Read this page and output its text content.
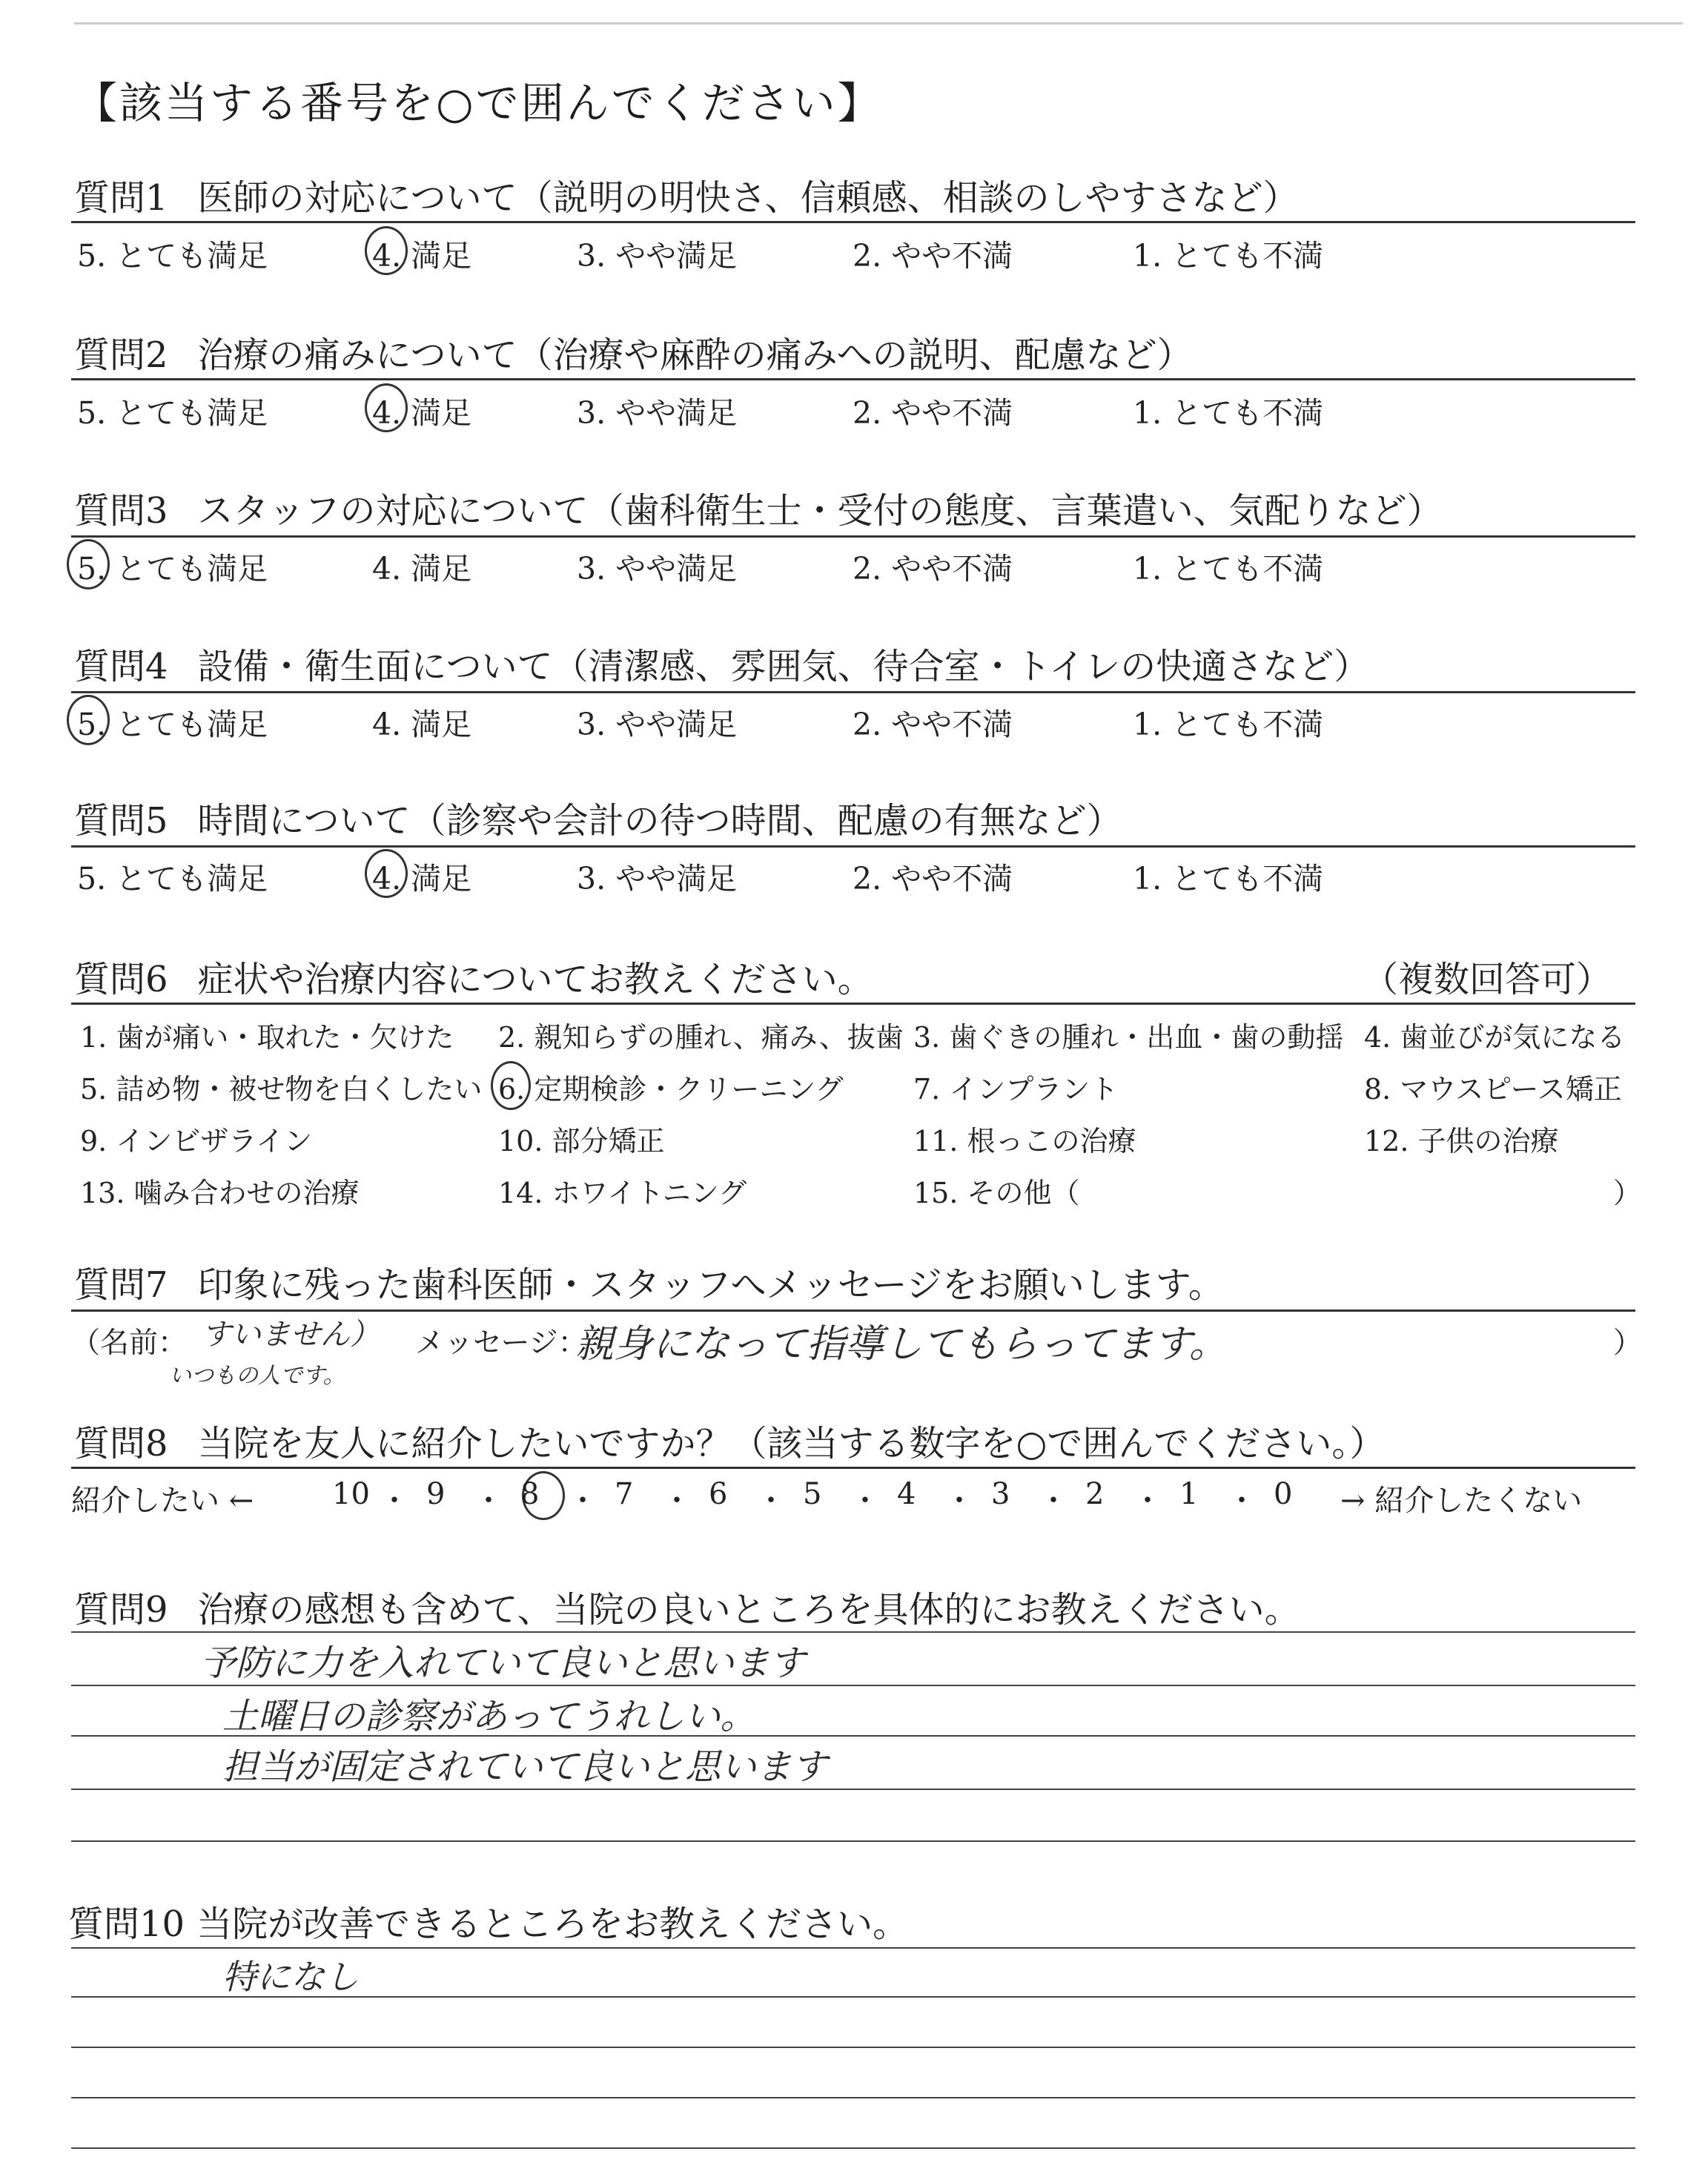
【該当する番号を○で囲んでください】
質問1 医師の対応について（説明の明快さ、信頼感、相談のしやすさなど）
5. とても満足	4. 満足	3. やや満足	2. やや不満	1. とても不満
質問2 治療の痛みについて（治療や麻酔の痛みへの説明、配慮など）
5. とても満足	4. 満足	3. やや満足	2. やや不満	1. とても不満
質問3 スタッフの対応について（歯科衛生士・受付の態度、言葉遣い、気配りなど）
5. とても満足	4. 満足	3. やや満足	2. やや不満	1. とても不満
質問4 設備・衛生面について（清潔感、雰囲気、待合室・トイレの快適さなど）
5. とても満足	4. 満足	3. やや満足	2. やや不満	1. とても不満
質問5 時間について（診察や会計の待つ時間、配慮の有無など）
5. とても満足	4. 満足	3. やや満足	2. やや不満	1. とても不満
質問6 症状や治療内容についてお教えください。	（複数回答可）
1. 歯が痛い・取れた・欠けた 2. 親知らずの腫れ、痛み、抜歯 3. 歯ぐきの腫れ・出血・歯の動揺 4. 歯並びが気になる
5. 詰め物・被せ物を白くしたい 6. 定期検診・クリーニング 7. インプラント	8. マウスピース矯正
9. インビザライン	10. 部分矯正	11. 根っこの治療	12. 子供の治療
13. 噛み合わせの治療	14. ホワイトニング	15. その他（	）
質問7 印象に残った歯科医師・スタッフへメッセージをお願いします。
（名前： すいません）
いつもの人です。
メッセージ：
親身になって指導してもらってます。	）
質問8 当院を友人に紹介したいですか？（該当する数字を○で囲んでください。）
紹介したい ←	→ 紹介したくない
質問9 治療の感想も含めて、当院の良いところを具体的にお教えください。
予防に力を入れていて良いと思います
土曜日の診察があってうれしい。
担当が固定されていて良いと思います
質問10 当院が改善できるところをお教えください。
特になし
10 ・ 9 ・ 8 ・ 7 ・ 6 ・ 5 ・ 4 ・ 3 ・ 2 ・ 1 ・ 0
